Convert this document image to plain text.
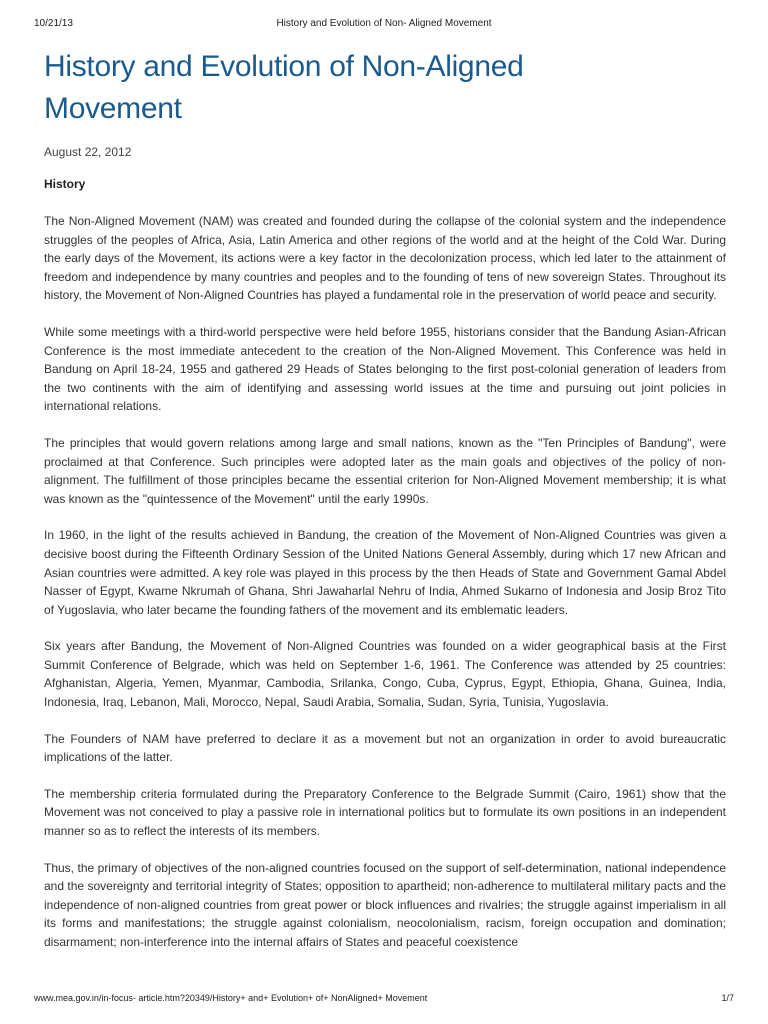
10/21/13	History and Evolution of Non- Aligned Movement
History and Evolution of Non-Aligned
Movement
August 22, 2012
History

The Non-Aligned Movement (NAM) was created and founded during the collapse of the colonial system and the independence struggles of the peoples of Africa, Asia, Latin America and other regions of the world and at the height of the Cold War. During the early days of the Movement, its actions were a key factor in the decolonization process, which led later to the attainment of freedom and independence by many countries and peoples and to the founding of tens of new sovereign States. Throughout its history, the Movement of Non-Aligned Countries has played a fundamental role in the preservation of world peace and security.

While some meetings with a third-world perspective were held before 1955, historians consider that the Bandung Asian-African Conference is the most immediate antecedent to the creation of the Non-Aligned Movement. This Conference was held in Bandung on April 18-24, 1955 and gathered 29 Heads of States belonging to the first post-colonial generation of leaders from the two continents with the aim of identifying and assessing world issues at the time and pursuing out joint policies in international relations.

The principles that would govern relations among large and small nations, known as the "Ten Principles of Bandung", were proclaimed at that Conference. Such principles were adopted later as the main goals and objectives of the policy of non-alignment. The fulfillment of those principles became the essential criterion for Non-Aligned Movement membership; it is what was known as the "quintessence of the Movement" until the early 1990s.

In 1960, in the light of the results achieved in Bandung, the creation of the Movement of Non-Aligned Countries was given a decisive boost during the Fifteenth Ordinary Session of the United Nations General Assembly, during which 17 new African and Asian countries were admitted. A key role was played in this process by the then Heads of State and Government Gamal Abdel Nasser of Egypt, Kwame Nkrumah of Ghana, Shri Jawaharlal Nehru of India, Ahmed Sukarno of Indonesia and Josip Broz Tito of Yugoslavia, who later became the founding fathers of the movement and its emblematic leaders.

Six years after Bandung, the Movement of Non-Aligned Countries was founded on a wider geographical basis at the First Summit Conference of Belgrade, which was held on September 1-6, 1961. The Conference was attended by 25 countries: Afghanistan, Algeria, Yemen, Myanmar, Cambodia, Srilanka, Congo, Cuba, Cyprus, Egypt, Ethiopia, Ghana, Guinea, India, Indonesia, Iraq, Lebanon, Mali, Morocco, Nepal, Saudi Arabia, Somalia, Sudan, Syria, Tunisia, Yugoslavia.

The Founders of NAM have preferred to declare it as a movement but not an organization in order to avoid bureaucratic implications of the latter.

The membership criteria formulated during the Preparatory Conference to the Belgrade Summit (Cairo, 1961) show that the Movement was not conceived to play a passive role in international politics but to formulate its own positions in an independent manner so as to reflect the interests of its members.

Thus, the primary of objectives of the non-aligned countries focused on the support of self-determination, national independence and the sovereignty and territorial integrity of States; opposition to apartheid; non-adherence to multilateral military pacts and the independence of non-aligned countries from great power or block influences and rivalries; the struggle against imperialism in all its forms and manifestations; the struggle against colonialism, neocolonialism, racism, foreign occupation and domination; disarmament; non-interference into the internal affairs of States and peaceful coexistence

www.mea.gov.in/in-focus- article.htm?20349/History+ and+ Evolution+ of+ NonAligned+ Movement	1/7
